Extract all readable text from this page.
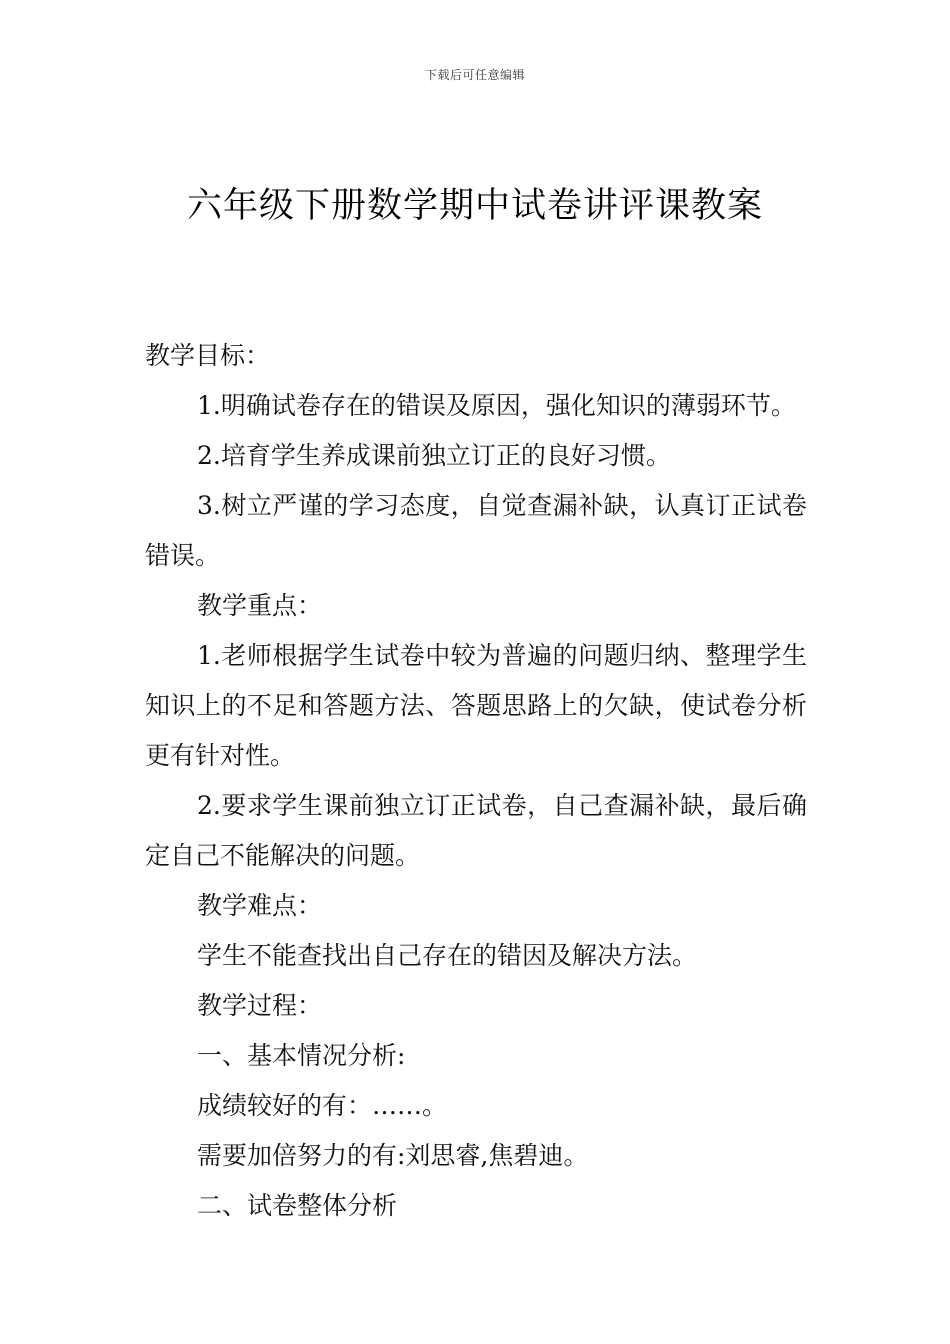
下载后可任意编辑
六年级下册数学期中试卷讲评课教案

教学目标：

1.明确试卷存在的错误及原因，强化知识的薄弱环节。

2.培育学生养成课前独立订正的良好习惯。

3.树立严谨的学习态度，自觉查漏补缺，认真订正试卷错误。

教学重点：

1.老师根据学生试卷中较为普遍的问题归纳、整理学生知识上的不足和答题方法、答题思路上的欠缺，使试卷分析更有针对性。

2.要求学生课前独立订正试卷，自己查漏补缺，最后确定自己不能解决的问题。

教学难点：

学生不能查找出自己存在的错因及解决方法。

教学过程：

一、基本情况分析:

成绩较好的有：……。

需要加倍努力的有:刘思睿,焦碧迪。

二、试卷整体分析
